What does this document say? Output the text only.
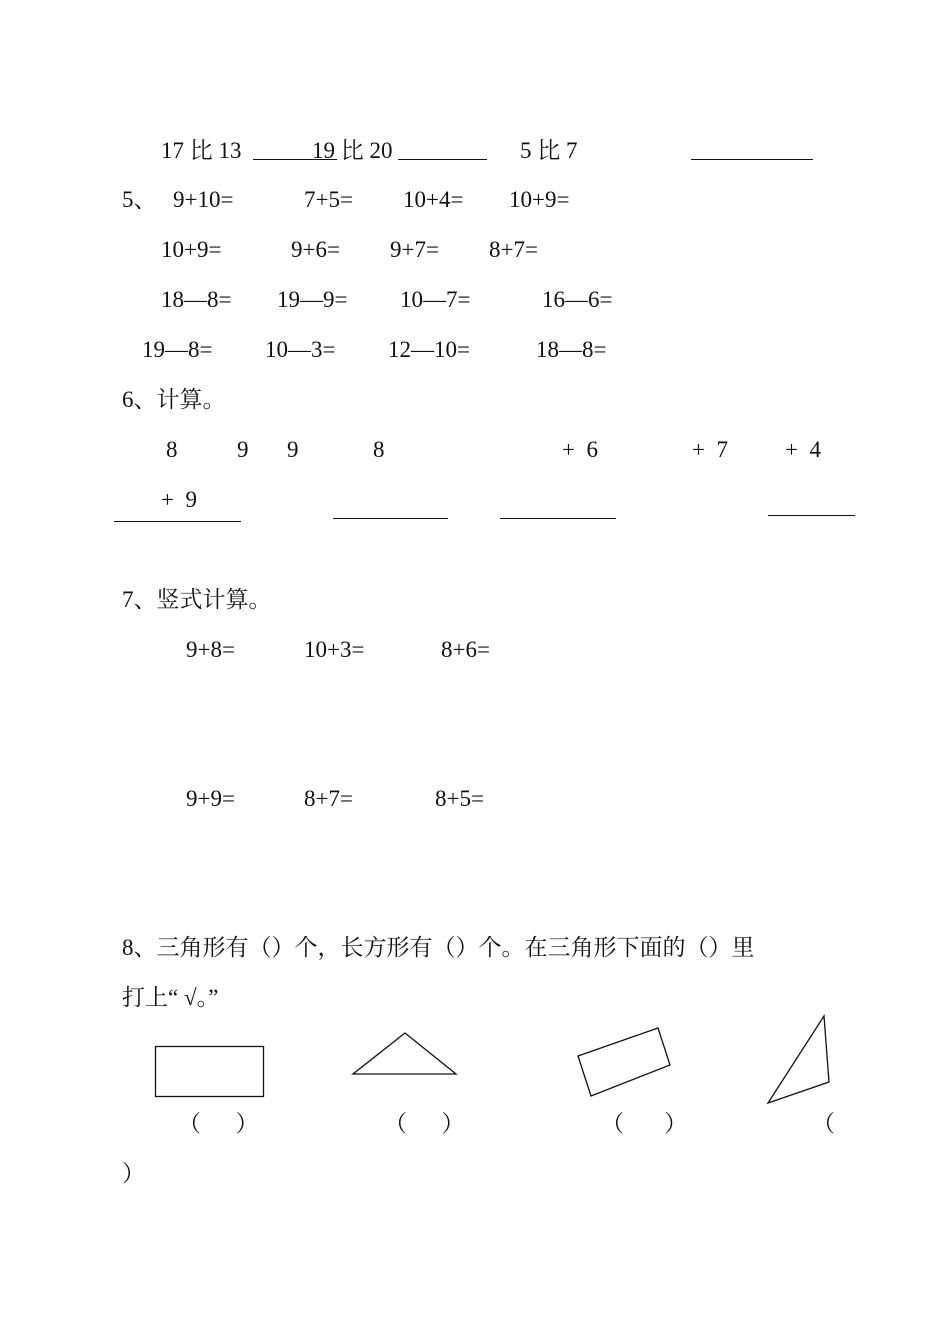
17 比 13	19 比 20	5 比 7
5、 9+10=	7+5= 10+4= 10+9=
10+9=	9+6= 9+7= 8+7=
18—8= 19—9= 10—7=	16—6=
19—8= 10—3= 12—10=	18—8=
6、计算。
8	9 9	8	+  6	+  7 +  4
+  9
7、竖式计算。
9+8=	10+3=	8+6=
9+9=	8+7=	8+5=
8、三角形有（）个，长方形有（）个。在三角形下面的（）里
打上“ √。”
（      ）	（      ）	（       ）	（
）
